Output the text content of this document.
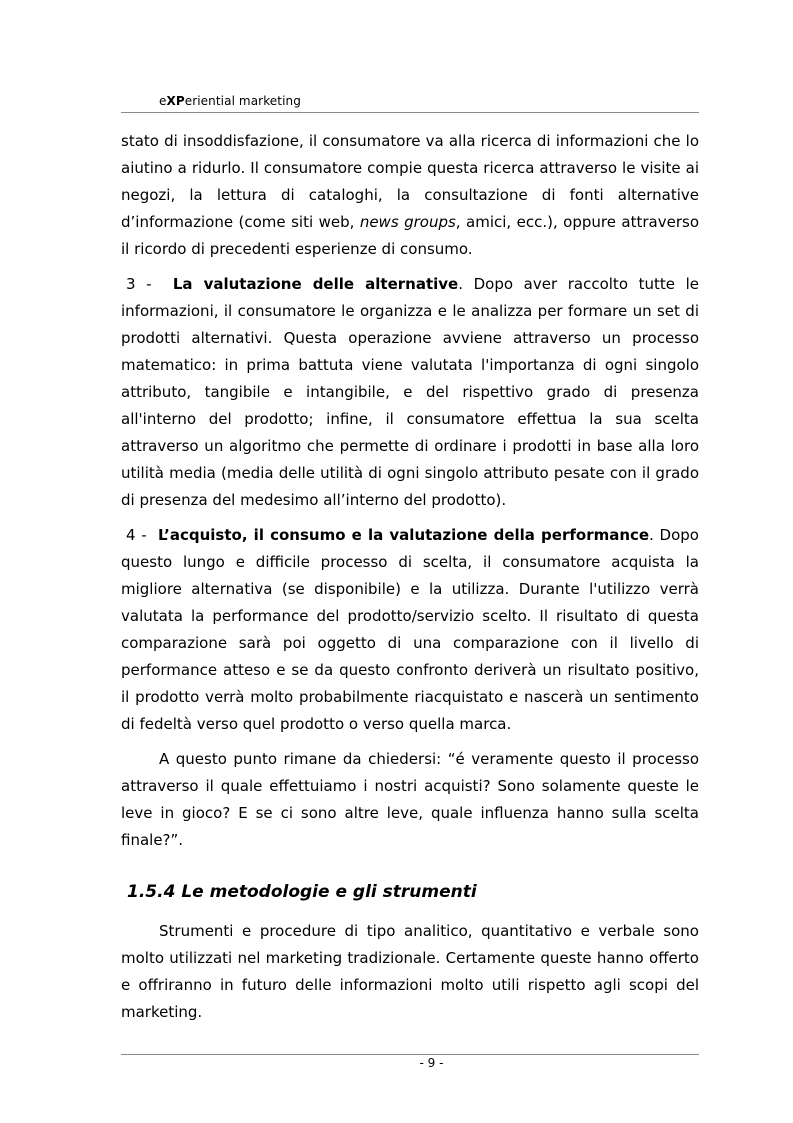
eXPeriential marketing

stato di insoddisfazione, il consumatore va alla ricerca di informazioni che lo aiutino a ridurlo. Il consumatore compie questa ricerca attraverso le visite ai negozi, la lettura di cataloghi, la consultazione di fonti alternative d’informazione (come siti web, news groups, amici, ecc.), oppure attraverso il ricordo di precedenti esperienze di consumo.

3 - La valutazione delle alternative. Dopo aver raccolto tutte le informazioni, il consumatore le organizza e le analizza per formare un set di prodotti alternativi. Questa operazione avviene attraverso un processo matematico: in prima battuta viene valutata l'importanza di ogni singolo attributo, tangibile e intangibile, e del rispettivo grado di presenza all'interno del prodotto; infine, il consumatore effettua la sua scelta attraverso un algoritmo che permette di ordinare i prodotti in base alla loro utilità media (media delle utilità di ogni singolo attributo pesate con il grado di presenza del medesimo all’interno del prodotto).

4 - L’acquisto, il consumo e la valutazione della performance. Dopo questo lungo e difficile processo di scelta, il consumatore acquista la migliore alternativa (se disponibile) e la utilizza. Durante l'utilizzo verrà valutata la performance del prodotto/servizio scelto. Il risultato di questa comparazione sarà poi oggetto di una comparazione con il livello di performance atteso e se da questo confronto deriverà un risultato positivo, il prodotto verrà molto probabilmente riacquistato e nascerà un sentimento di fedeltà verso quel prodotto o verso quella marca.

A questo punto rimane da chiedersi: “é veramente questo il processo attraverso il quale effettuiamo i nostri acquisti? Sono solamente queste le leve in gioco? E se ci sono altre leve, quale influenza hanno sulla scelta finale?”.

1.5.4 Le metodologie e gli strumenti

Strumenti e procedure di tipo analitico, quantitativo e verbale sono molto utilizzati nel marketing tradizionale. Certamente queste hanno offerto e offriranno in futuro delle informazioni molto utili rispetto agli scopi del marketing.

- 9 -
